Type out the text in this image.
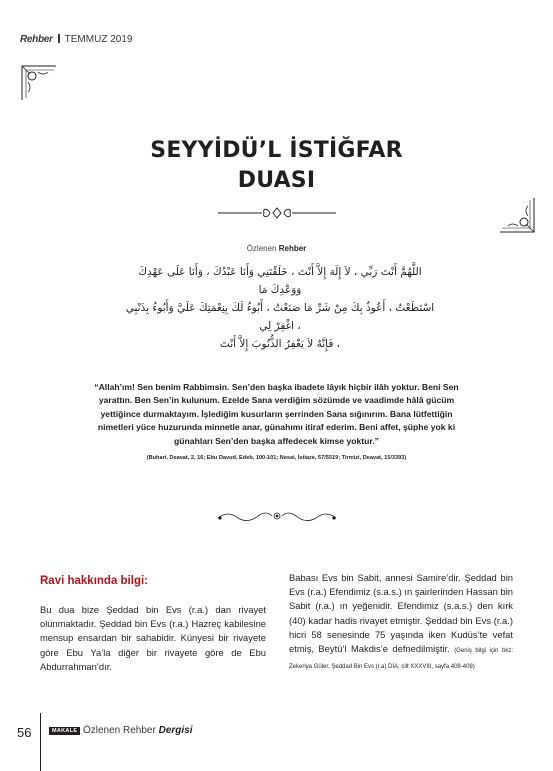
Rehber TEMMUZ 2019
SEYYİDÜ’L İSTİĞFAR
DUASI
Özlenen Rehber
اللَّهُمَّ أَنْتَ رَبِّي ، لاَ إِلَهَ إِلاَّ أَنْتَ ، خَلَقْتَنِي وَأَنَا عَبْدُكَ ، وَأَنَا عَلَى عَهْدِكَ وَوَعْدِكَ مَا
اسْتَطَعْتُ ، أَعُوذُ بِكَ مِنْ شَرِّ مَا صَنَعْتُ ، أَبُوءُ لَكَ بِنِعْمَتِكَ عَلَيَّ وَأَبُوءُ بِذَنْبِي ، اغْفِرْ لِي
، فَإِنَّهُ لاَ يَغْفِرُ الذُّنُوبَ إِلاَّ أَنْتَ
“Allah’ım! Sen benim Rabbimsin. Sen’den başka ibadete lâyık hiçbir ilâh yoktur. Beni Sen yarattın. Ben Sen’in kulunum. Ezelde Sana verdiğim sözümde ve vaadimde hâlâ gücüm yettiğince durmaktayım. İşlediğim kusurların şerrinden Sana sığınırım. Bana lütfettiğin nimetleri yüce huzurunda minnetle anar, günahımı itiraf ederim. Beni affet, şüphe yok ki günahları Sen’den başka affedecek kimse yoktur.”
(Buhari, Deavat, 2, 16; Ebu Davud, Edeb, 100-101; Nesai, İstiaze, 57/5519; Tirmizi, Deavat, 15/3393)
Ravi hakkında bilgi:
Bu dua bize Şeddad bin Evs (r.a.) dan rivayet olunmaktadır. Şeddad bin Evs (r.a.) Hazreç kabilesine mensup ensardan bir sahabidir. Künyesi bir rivayete göre Ebu Ya’la diğer bir rivayete göre de Ebu Abdurrahman’dır.
Babası Evs bin Sabit, annesi Samire’dir. Şeddad bin Evs (r.a.) Efendimiz (s.a.s.) ın şairlerinden Hassan bin Sabit (r.a.) ın yeğenidir. Efendimiz (s.a.s.) den kırk (40) kadar hadis rivayet etmiştir. Şeddad bin Evs (r.a.) hicri 58 senesinde 75 yaşında iken Kudüs’te vefat etmiş, Beytü’l Makdis’e defnedilmiştir. (Geniş bilgi için bkz: Zekeriya Güler, Şeddad Bin Evs (r.a) DİA, cilt XXXVIII, sayfa 408-409)
56	MAKALE Özlenen Rehber Dergisi
